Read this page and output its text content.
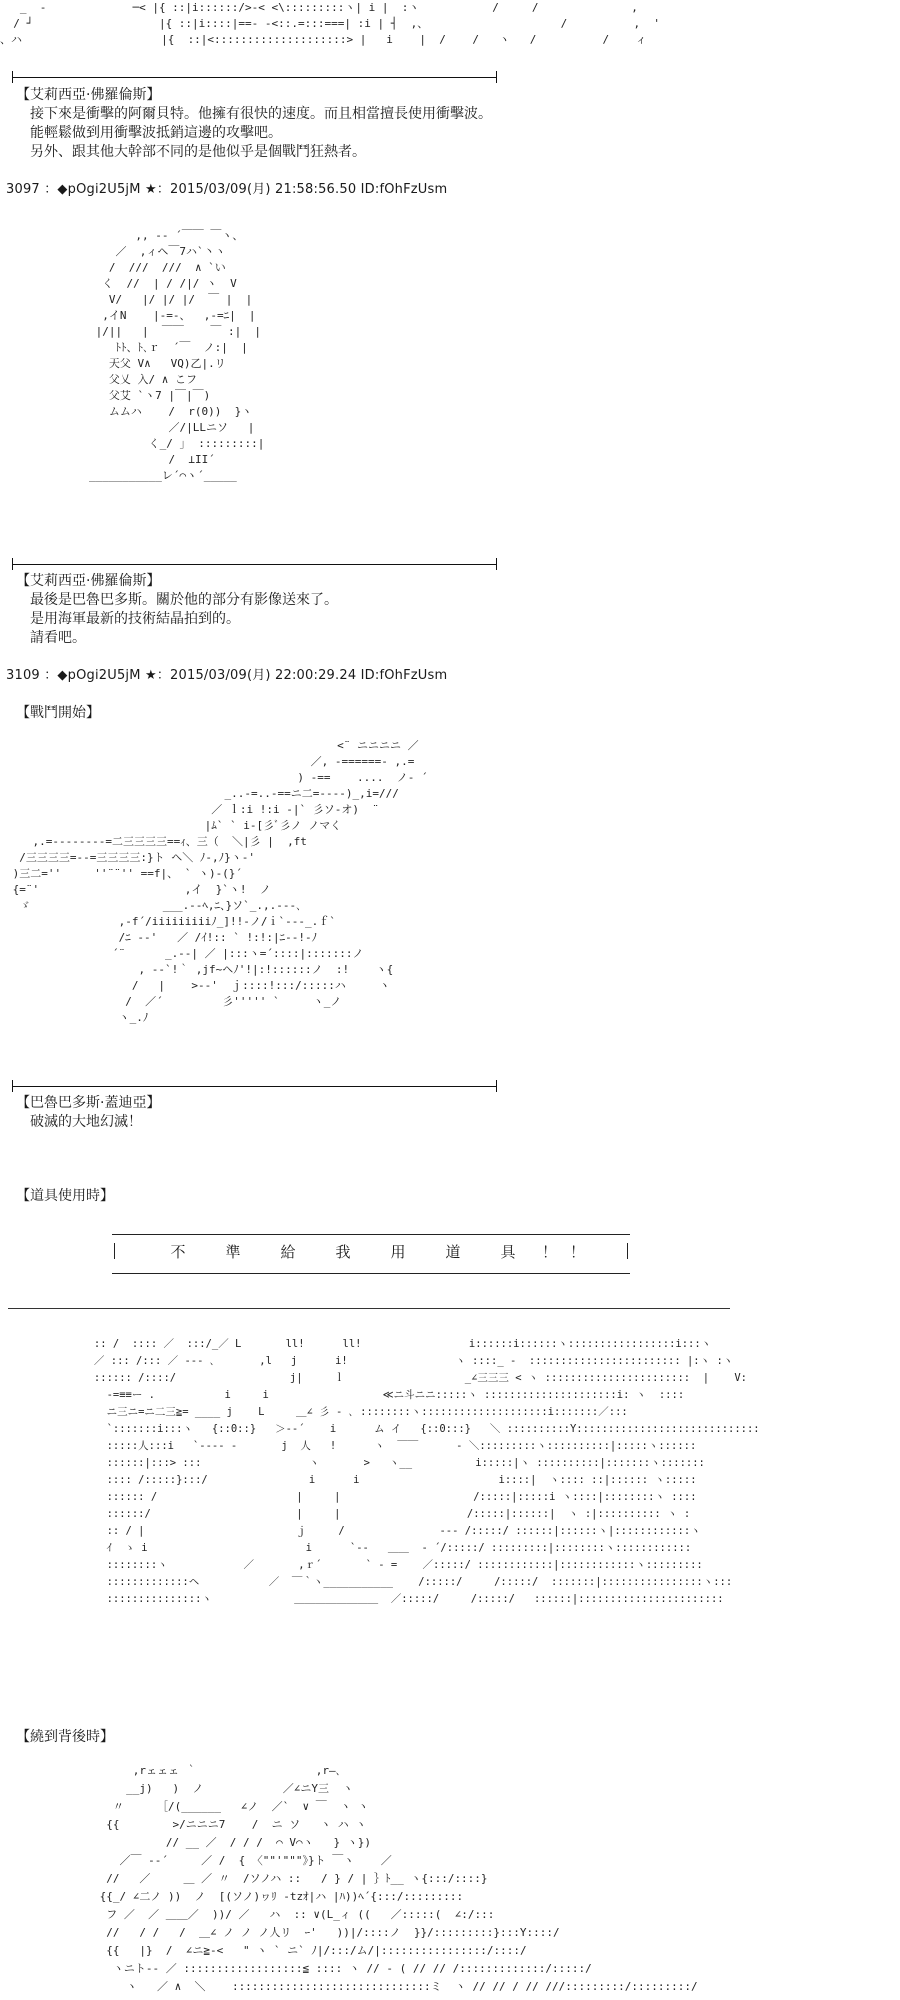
_  -             ─< |{ ::|i::::::/>-< <\:::::::::ヽ| i |  :ヽ           /     /              ,
/ ┘                   |{ ::|i::::|==- -<::.=:::===| :i | ┤  ,、                    /          ,  '
、ハ                     |{  ::|<::::::::::::::::::::> |   i    |  /    /   ヽ   /          /    ィ
【艾莉西亞·佛羅倫斯】
接下來是衝擊的阿爾貝特。他擁有很快的速度。而且相當擅長使用衝擊波。
能輕鬆做到用衝擊波抵銷這邊的攻擊吧。
另外、跟其他大幹部不同的是他似乎是個戰鬥狂熱者。
3097 ：◆pOgi2U5jM ★：2015/03/09(月) 21:58:56.50 ID:fOhFzUsm
,, -‐ ´￣￣ ￣ヽ、
／  ,ィヘ￣7ハ`丶ヽ
/  ///  ///  ∧ `い
く  //  | / /|/ ヽ  V
V/   |/ |/ |/  ￣ |  |
,イN    |‐=-、  ,-=ﾆ|  |
|/||   |  ￣￣    ￣ :|  |
ﾄﾄ、ﾄ､ｒ  ´￣  ノ:|  |
天父 V∧   VQ)乙|.リ
父乂 入/ ∧ こフ
父艾 `ヽ7 |￣|￣)
ムムハ    /  r(0))  }ヽ
／/|LLニソ   |
く_/ ｣  :::::::::|
/  ⊥ΙΙ´
___________レ´⌒ヽ´_____
【艾莉西亞·佛羅倫斯】
最後是巴魯巴多斯。關於他的部分有影像送來了。
是用海軍最新的技術結晶拍到的。
請看吧。
3109 ：◆pOgi2U5jM ★：2015/03/09(月) 22:00:29.24 ID:fOhFzUsm
【戰鬥開始】
<¨ ニニニニ ／
／, -======‐ ,.=
) ‐==    ....  ノ- ´
_..-=..-==ニ二=‐‐‐‐)_,i=///
／ ｌ:i !:i ‐|` 彡ソ‐オ)  ¨
|ﾑ` ` i-[彡ﾞ彡ノ ノマく
,.=--------=二三三三三==ｨ、三（  ＼|彡 |  ,ft
/三三三三=‐‐=三三三三:}ト ヘ＼ ﾉ-,ﾉ}ヽ‐'
)三二=''     ''¨¨'' ==f|、 ` ヽ)-(}´
{=¨'                      ,イ  }`ヽ!  ノ
ゞ                    ___.-‐ﾍ,ﾆ、}ソ`_.,.---､
,-f´/iiiiiiiiiﾉ_]!!‐ノ/ｉ`‐--_.ｆ`
/ﾆ ‐-'   ／ /ｲ!:: ` !:!:|ﾆ‐‐!-ﾉ
´¨      _.-‐| ／ |:::ヽ=´::::|:::::::ノ
, -‐`!｀ ,jf~ヘﾉ'!|:!::::::ノ  :!    ヽ{
/   |    >--'  ｊ::::!:::/:::::ハ     ヽ
/  ／´         彡''''' `     ヽ_ノ
ヽ_.ﾉ
【巴魯巴多斯·蓋迪亞】
破滅的大地幻滅！
【道具使用時】
不	準	給	我	用	道	具 ！ ！
:: /  :::: ／  :::/_／ L       ll!      ll!                 i::::::i::::::ヽ:::::::::::::::::i:::ヽ
／ ::: /::: ／ ‐‐‐ ､       ,l   j      i!                 ヽ ::::_ -  :::::::::::::::::::::::: |:ヽ :ヽ
:::::: /::::/                  j|     ｌ                   _∠三三三 < ヽ :::::::::::::::::::::::  |    V:
‐=≡≡ー .           i     i                  ≪ニ斗ニニ:::::ヽ :::::::::::::::::::::i: ヽ  ::::
ニ三ニ=ニ二三≧= ____ j    L     ＿∠ 彡 ‐ ､ ::::::::ヽ::::::::::::::::::::i:::::::／:::
`:::::::i:::ヽ   {::0::}   ＞‐‐´    i      ム イ   {::0:::}   ＼ ::::::::::Y:::::::::::::::::::::::::::::
:::::人:::i   `‐‐‐‐ -       j  人   !      ヽ  ￣￣      ‐ ＼:::::::::ヽ::::::::::|:::::ヽ::::::
::::::|:::> :::                 ヽ       >   ヽ__          i:::::|ヽ ::::::::::|:::::::ヽ:::::::
:::: /:::::}:::/                i      i                      i::::|  ヽ:::: ::|:::::: ヽ:::::
:::::: /                      |     |                     /:::::|:::::i ヽ::::|::::::::ヽ ::::
::::::/                       |     |                    /:::::|::::::|  ヽ :|:::::::::: ヽ :
:: / |                        ｊ     /               ‐‐‐ /:::::/ ::::::|::::::ヽ|::::::::::::ヽ
ｲ  ゝ i                         i      `‐‐   ＿＿  ‐ ´/:::::/ :::::::::|::::::::ヽ::::::::::::
::::::::ヽ            ／       ,ｒ´       ` ‐ =    ／:::::/ ::::::::::::|::::::::::::ヽ:::::::::
:::::::::::::ヘ           ／  ￣｀ヽ___________    /:::::/     /:::::/  :::::::|::::::::::::::::ヽ:::
:::::::::::::::ヽ             ＿＿＿＿＿＿＿＿  ／:::::/     /:::::/   ::::::|:::::::::::::::::::::::
【繞到背後時】
,rェェェ ｀                  ,r―､
__j)   )  ノ            ／∠ニY三  ヽ
〃     ［/(______   ∠ノ  ／`  ∨ ￣  ヽ ヽ
{{        >/ニニニ7    /  ニ ソ   ヽ ハ ヽ
// __ ／  / / /  ⌒ V⌒ヽ   } ヽ})
／￣ ‐-´     ／ /  { 〈""'"""》}ト ￣ヽ    ／
//   ／     ＿ ／ 〃  /ソノハ ::   / } / | ｝ﾄ__ ヽ{:::/::::}
{{_/ ∠二ノ ))  ノ  [(ソノ)ヮﾘ -tzｵ|ハ |ﾊ))ﾍ´{:::/:::::::::
フ ／  ／ ＿＿／  ))/ ／   ハ  :: ∨(L_ィ ((   ／:::::(  ∠:/:::
//   / /   /  ＿∠ ノ ノ ノ人リ  ｰ'   ))|/::::ノ  }}/:::::::::}:::Y::::/
{{   |}  /  ∠ニ≧‐<   " ヽ ` ニ` ﾉ|/:::/ム/|::::::::::::::::/::::/
ヽニト‐‐ ／ ::::::::::::::::::≦ :::: ヽ // ‐ ( // // /:::::::::::::/:::::/
ヽ   ／ ∧  ＼    ::::::::::::::::::::::::::::::ミ  ヽ // // / // ///:::::::::/:::::::::/
